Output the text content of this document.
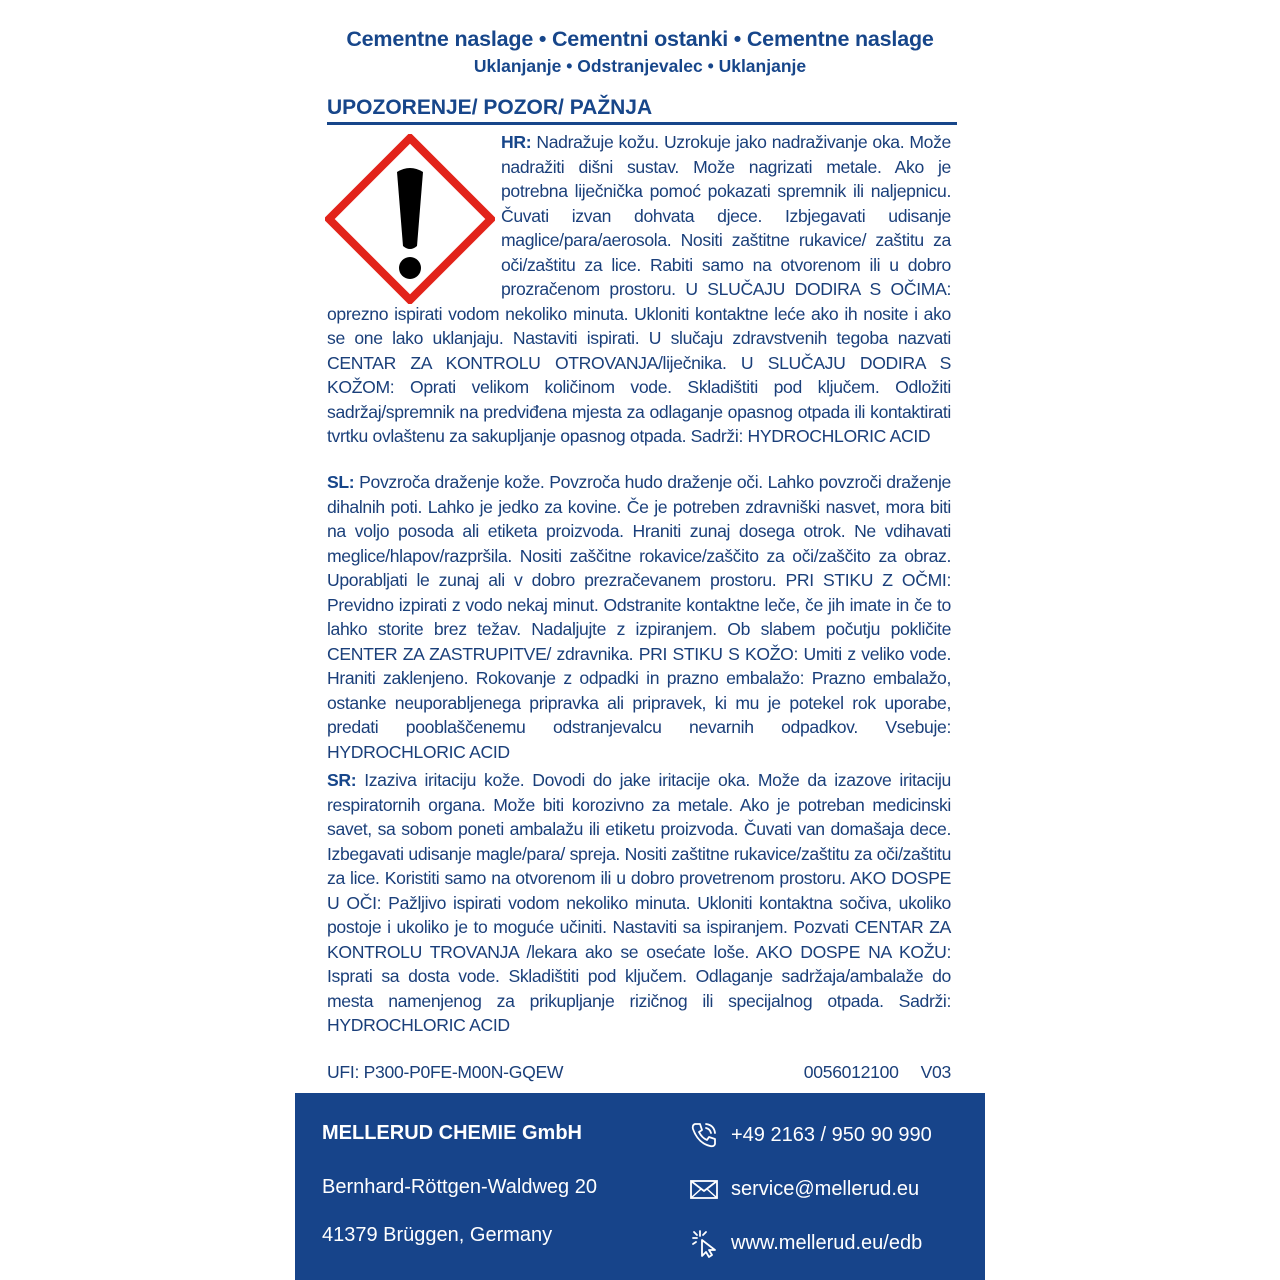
Cementne naslage • Cementni ostanki • Cementne naslage
Uklanjanje • Odstranjevalec • Uklanjanje
UPOZORENJE/ POZOR/ PAŽNJA
HR: Nadražuje kožu. Uzrokuje jako nadraživanje oka. Može nadražiti dišni sustav. Može nagrizati metale. Ako je potrebna liječnička pomoć pokazati spremnik ili naljepnicu. Čuvati izvan dohvata djece. Izbjegavati udisanje maglice/para/aerosola. Nositi zaštitne rukavice/ zaštitu za oči/zaštitu za lice. Rabiti samo na otvorenom ili u dobro prozračenom prostoru. U SLUČAJU DODIRA S OČIMA: oprezno ispirati vodom nekoliko minuta. Ukloniti kontaktne leće ako ih nosite i ako se one lako uklanjaju. Nastaviti ispirati. U slučaju zdravstvenih tegoba nazvati CENTAR ZA KONTROLU OTROVANJA/liječnika. U SLUČAJU DODIRA S KOŽOM: Oprati velikom količinom vode. Skladištiti pod ključem. Odložiti sadržaj/spremnik na predviđena mjesta za odlaganje opasnog otpada ili kontaktirati tvrtku ovlaštenu za sakupljanje opasnog otpada. Sadrži: HYDROCHLORIC ACID
SL: Povzroča draženje kože. Povzroča hudo draženje oči. Lahko povzroči draženje dihalnih poti. Lahko je jedko za kovine. Če je potreben zdravniški nasvet, mora biti na voljo posoda ali etiketa proizvoda. Hraniti zunaj dosega otrok. Ne vdihavati meglice/hlapov/razpršila. Nositi zaščitne rokavice/zaščito za oči/zaščito za obraz. Uporabljati le zunaj ali v dobro prezračevanem prostoru. PRI STIKU Z OČMI: Previdno izpirati z vodo nekaj minut. Odstranite kontaktne leče, če jih imate in če to lahko storite brez težav. Nadaljujte z izpiranjem. Ob slabem počutju pokličite CENTER ZA ZASTRUPITVE/ zdravnika. PRI STIKU S KOŽO: Umiti z veliko vode. Hraniti zaklenjeno. Rokovanje z odpadki in prazno embalažo: Prazno embalažo, ostanke neuporabljenega pripravka ali pripravek, ki mu je potekel rok uporabe, predati pooblaščenemu odstranjevalcu nevarnih odpadkov. Vsebuje: HYDROCHLORIC ACID
SR: Izaziva iritaciju kože. Dovodi do jake iritacije oka. Može da izazove iritaciju respiratornih organa. Može biti korozivno za metale. Ako je potreban medicinski savet, sa sobom poneti ambalažu ili etiketu proizvoda. Čuvati van domašaja dece. Izbegavati udisanje magle/para/ spreja. Nositi zaštitne rukavice/zaštitu za oči/zaštitu za lice. Koristiti samo na otvorenom ili u dobro provetrenom prostoru. AKO DOSPE U OČI: Pažljivo ispirati vodom nekoliko minuta. Ukloniti kontaktna sočiva, ukoliko postoje i ukoliko je to moguće učiniti. Nastaviti sa ispiranjem. Pozvati CENTAR ZA KONTROLU TROVANJA /lekara ako se osećate loše. AKO DOSPE NA KOŽU: Isprati sa dosta vode. Skladištiti pod ključem. Odlaganje sadržaja/ambalaže do mesta namenjenog za prikupljanje rizičnog ili specijalnog otpada. Sadrži: HYDROCHLORIC ACID
UFI: P300-P0FE-M00N-GQEW	0056012100 V03
MELLERUD CHEMIE GmbH
Bernhard-Röttgen-Waldweg 20
41379 Brüggen, Germany
+49 2163 / 950 90 990
service@mellerud.eu
www.mellerud.eu/edb
